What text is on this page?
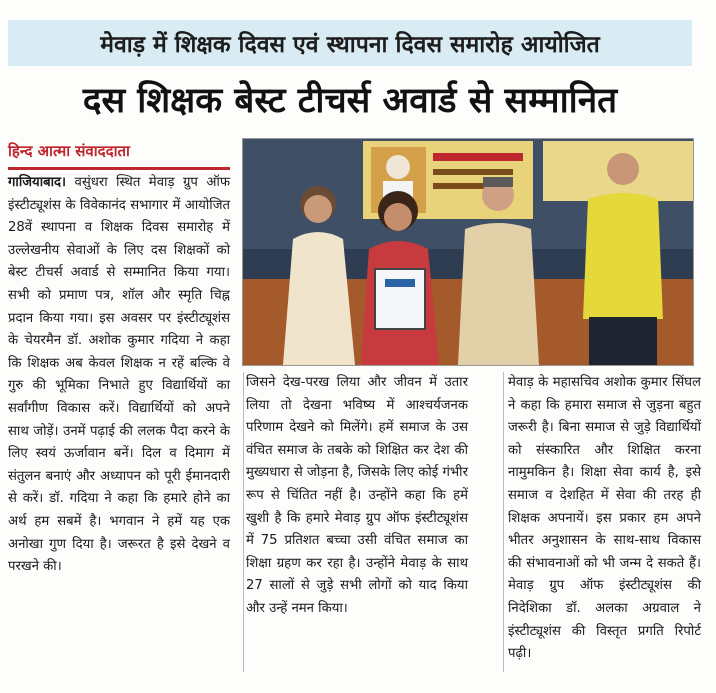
मेवाड़ में शिक्षक दिवस एवं स्थापना दिवस समारोह आयोजित
दस शिक्षक बेस्ट टीचर्स अवार्ड से सम्मानित
हिन्द आत्मा संवाददाता
गाजियाबाद। वसुंधरा स्थित मेवाड़ ग्रुप ऑफ इंस्टीट्यूशंस के विवेकानंद सभागार में आयोजित 28वें स्थापना व शिक्षक दिवस समारोह में उल्लेखनीय सेवाओं के लिए दस शिक्षकों को बेस्ट टीचर्स अवार्ड से सम्मानित किया गया। सभी को प्रमाण पत्र, शॉल और स्मृति चिह्न प्रदान किया गया। इस अवसर पर इंस्टीट्यूशंस के चेयरमैन डॉ. अशोक कुमार गदिया ने कहा कि शिक्षक अब केवल शिक्षक न रहें बल्कि वे गुरु की भूमिका निभाते हुए विद्यार्थियों का सर्वांगीण विकास करें। विद्यार्थियों को अपने साथ जोड़ें। उनमें पढ़ाई की ललक पैदा करने के लिए स्वयं ऊर्जावान बनें। दिल व दिमाग में संतुलन बनाएं और अध्यापन को पूरी ईमानदारी से करें। डॉ. गदिया ने कहा कि हमारे होने का अर्थ हम सबमें है। भगवान ने हमें यह एक अनोखा गुण दिया है। जरूरत है इसे देखने व परखने की।
जिसने देख-परख लिया और जीवन में उतार लिया तो देखना भविष्य में आश्चर्यजनक परिणाम देखने को मिलेंगे। हमें समाज के उस वंचित समाज के तबके को शिक्षित कर देश की मुख्यधारा से जोड़ना है, जिसके लिए कोई गंभीर रूप से चिंतित नहीं है। उन्होंने कहा कि हमें खुशी है कि हमारे मेवाड़ ग्रुप ऑफ इंस्टीट्यूशंस में 75 प्रतिशत बच्चा उसी वंचित समाज का शिक्षा ग्रहण कर रहा है। उन्होंने मेवाड़ के साथ 27 सालों से जुड़े सभी लोगों को याद किया और उन्हें नमन किया।
मेवाड़ के महासचिव अशोक कुमार सिंघल ने कहा कि हमारा समाज से जुड़ना बहुत जरूरी है। बिना समाज से जुड़े विद्यार्थियों को संस्कारित और शिक्षित करना नामुमकिन है। शिक्षा सेवा कार्य है, इसे समाज व देशहित में सेवा की तरह ही शिक्षक अपनायें। इस प्रकार हम अपने भीतर अनुशासन के साथ-साथ विकास की संभावनाओं को भी जन्म दे सकते हैं। मेवाड़ ग्रुप ऑफ इंस्टीट्यूशंस की निदेशिका डॉ. अलका अग्रवाल ने इंस्टीट्यूशंस की विस्तृत प्रगति रिपोर्ट पढ़ी।
